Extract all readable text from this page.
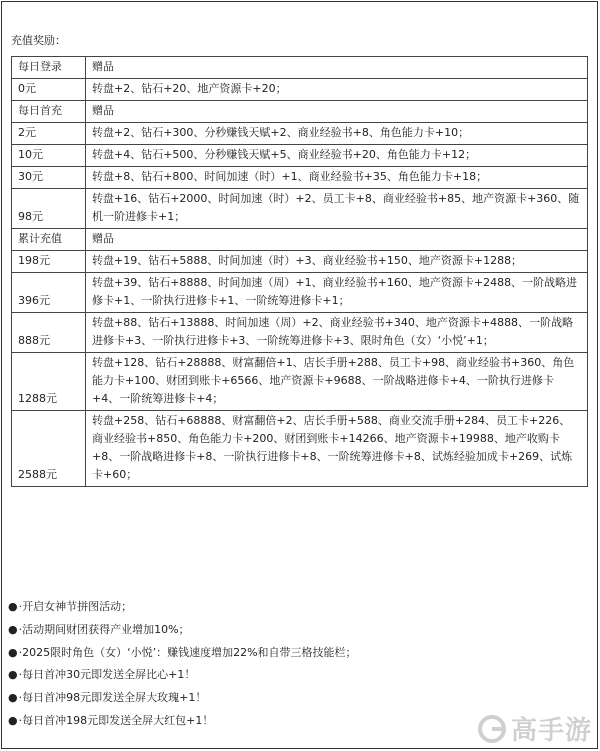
充值奖励：
每日登录	赠品
0元	转盘+2、钻石+20、地产资源卡+20；
每日首充	赠品
2元	转盘+2、钻石+300、分秒赚钱天赋+2、商业经验书+8、角色能力卡+10；
10元	转盘+4、钻石+500、分秒赚钱天赋+5、商业经验书+20、角色能力卡+12；
30元	转盘+8、钻石+800、时间加速（时）+1、商业经验书+35、角色能力卡+18；
98元	转盘+16、钻石+2000、时间加速（时）+2、员工卡+8、商业经验书+85、地产资源卡+360、随机一阶进修卡+1；
累计充值	赠品
198元	转盘+19、钻石+5888、时间加速（时）+3、商业经验书+150、地产资源卡+1288；
396元	转盘+39、钻石+8888、时间加速（周）+1、商业经验书+160、地产资源卡+2488、一阶战略进修卡+1、一阶执行进修卡+1、一阶统筹进修卡+1；
888元	转盘+88、钻石+13888、时间加速（周）+2、商业经验书+340、地产资源卡+4888、一阶战略进修卡+3、一阶执行进修卡+3、一阶统筹进修卡+3、限时角色（女）‘小悦’+1；
1288元	转盘+128、钻石+28888、财富翻倍+1、店长手册+288、员工卡+98、商业经验书+360、角色能力卡+100、财团到账卡+6566、地产资源卡+9688、一阶战略进修卡+4、一阶执行进修卡+4、一阶统筹进修卡+4；
2588元	转盘+258、钻石+68888、财富翻倍+2、店长手册+588、商业交流手册+284、员工卡+226、商业经验书+850、角色能力卡+200、财团到账卡+14266、地产资源卡+19988、地产收购卡+8、一阶战略进修卡+8、一阶执行进修卡+8、一阶统筹进修卡+8、试炼经验加成卡+269、试炼卡+60；
●·开启女神节拼图活动；
●·活动期间财团获得产业增加10%；
●·2025限时角色（女）‘小悦’：赚钱速度增加22%和自带三格技能栏；
●·每日首冲30元即发送全屏比心+1！
●·每日首冲98元即发送全屏大玫瑰+1！
●·每日首冲198元即发送全屏大红包+1！	高手游
